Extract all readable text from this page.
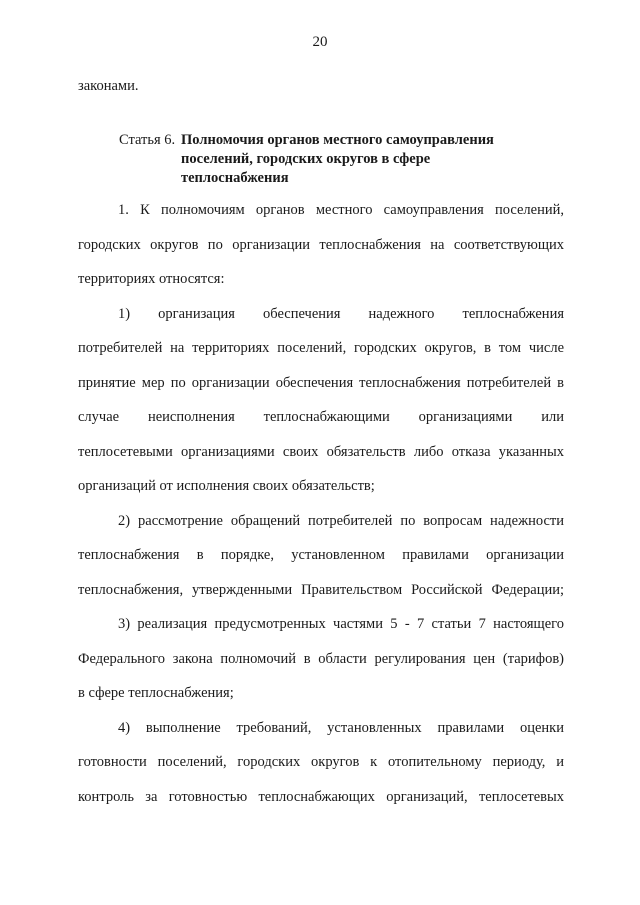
20
законами.
Статья 6. Полномочия органов местного самоуправления
поселений, городских округов в сфере
теплоснабжения
1. К полномочиям органов местного самоуправления поселений,
городских округов по организации теплоснабжения на соответствующих
территориях относятся:
1) организация обеспечения надежного теплоснабжения
потребителей на территориях поселений, городских округов, в том числе
принятие мер по организации обеспечения теплоснабжения потребителей в
случае неисполнения теплоснабжающими организациями или
теплосетевыми организациями своих обязательств либо отказа указанных
организаций от исполнения своих обязательств;
2) рассмотрение обращений потребителей по вопросам надежности
теплоснабжения в порядке, установленном правилами организации
теплоснабжения, утвержденными Правительством Российской Федерации;
3) реализация предусмотренных частями 5 - 7 статьи 7 настоящего
Федерального закона полномочий в области регулирования цен (тарифов)
в сфере теплоснабжения;
4) выполнение требований, установленных правилами оценки
готовности поселений, городских округов к отопительному периоду, и
контроль за готовностью теплоснабжающих организаций, теплосетевых
